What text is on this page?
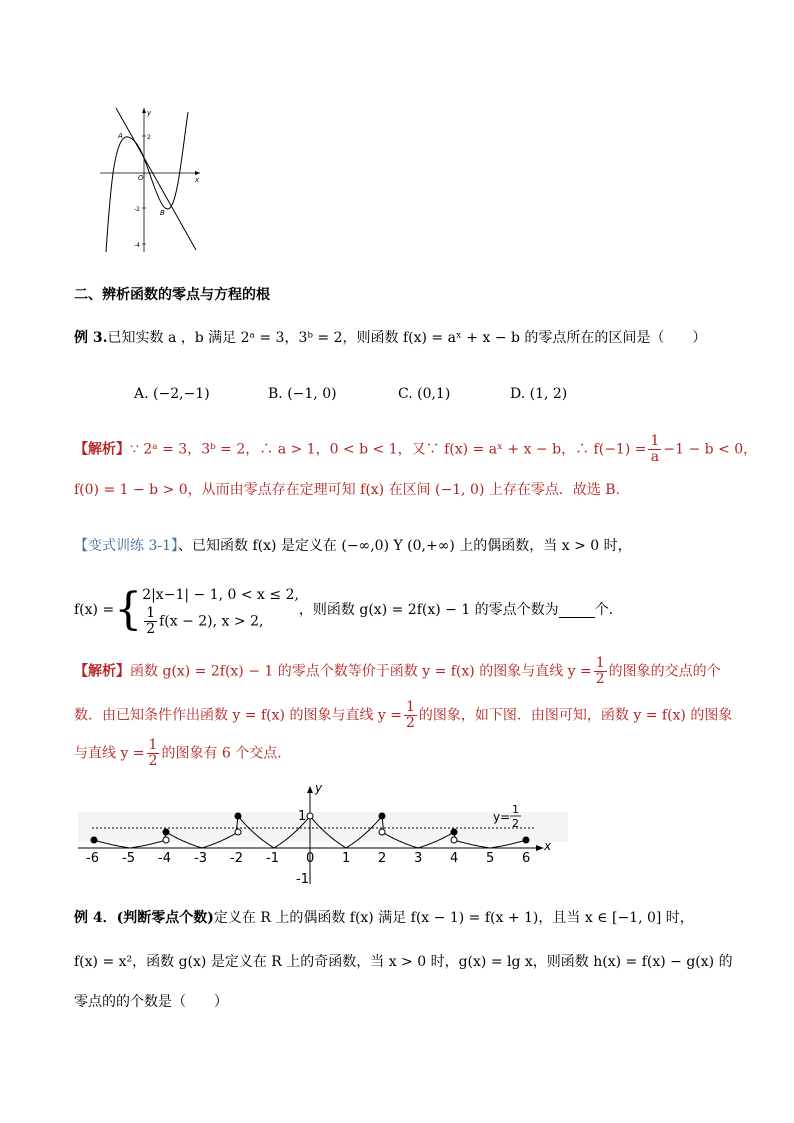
y
x
O
2
-2
-4
A
B
二、辨析函数的零点与方程的根
例 3.已知实数 a ，b 满足 2ᵃ = 3，3ᵇ = 2，则函数 f(x) = aˣ + x − b 的零点所在的区间是（　　）
A. (−2,−1)	B. (−1, 0)	C. (0,1)	D. (1, 2)
【解析】∵ 2ᵃ = 3，3ᵇ = 2，∴ a > 1，0 < b < 1，又∵ f(x) = aˣ + x − b，∴ $f(-1) = \frac{1}{a} -1 - b < 0$，
f(0) = 1 − b > 0，从而由零点存在定理可知 f(x) 在区间 (−1, 0) 上存在零点．故选 B.
【变式训练 3-1】、已知函数 f(x) 是定义在 (−∞,0) Y (0,+∞) 上的偶函数，当 x > 0 时，
f(x) = { 2|x−1| − 1, 0 < x ≤ 2,
$\frac{1}{2} f(x - 2)$, x > 2,
，则函数 g(x) = 2f(x) − 1 的零点个数为	个．
【解析】函数 g(x) = 2f(x) − 1 的零点个数等价于函数 y = f(x) 的图象与直线 $y = \frac{1}{2}$ 的图象的交点的个
数．由已知条件作出函数 y = f(x) 的图象与直线 $y = \frac{1}{2}$ 的图象，如下图．由图可知，函数 y = f(x) 的图象
与直线 $y = \frac{1}{2}$ 的图象有 6 个交点．
-6 -5 -4 -3 -2 -1 0 1 2 3 4 5 6
1
-1
y
x
y=
1
2
例 4．(判断零点个数)定义在 R 上的偶函数 f(x) 满足 f(x − 1) = f(x + 1)，且当 x ∈ [−1, 0] 时，
f(x) = x²，函数 g(x) 是定义在 R 上的奇函数，当 x > 0 时，g(x) = lg x，则函数 h(x) = f(x) − g(x) 的
零点的的个数是（　　）
